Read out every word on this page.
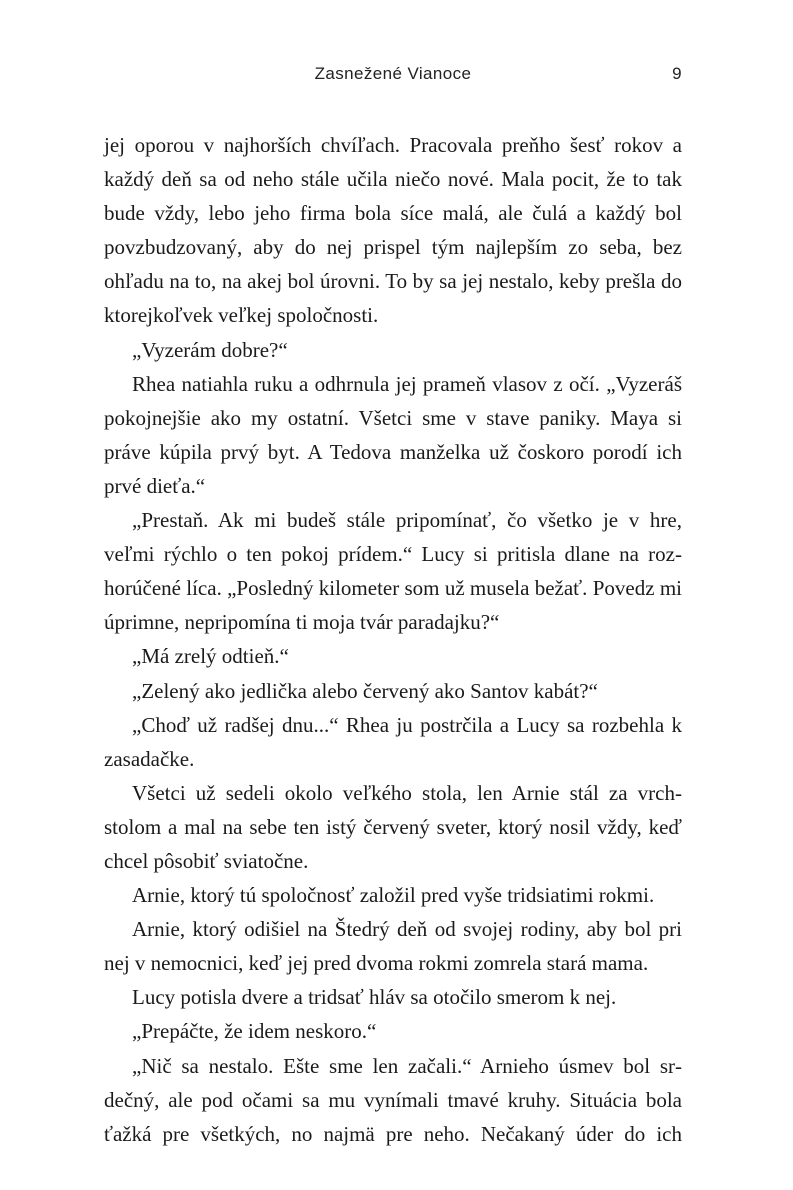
Zasnežené Vianoce	9

jej oporou v najhorších chvíľach. Pracovala preňho šesť rokov a každý deň sa od neho stále učila niečo nové. Mala pocit, že to tak bude vždy, lebo jeho firma bola síce malá, ale čulá a každý bol povzbudzovaný, aby do nej prispel tým najlepším zo seba, bez ohľadu na to, na akej bol úrovni. To by sa jej nestalo, keby prešla do ktorejkoľvek veľkej spoločnosti.

„Vyzerám dobre?“

Rhea natiahla ruku a odhrnula jej prameň vlasov z očí. „Vyzeráš pokojnejšie ako my ostatní. Všetci sme v stave paniky. Maya si práve kúpila prvý byt. A Tedova manželka už čoskoro porodí ich prvé dieťa.“

„Prestaň. Ak mi budeš stále pripomínať, čo všetko je v hre, veľmi rýchlo o ten pokoj prídem.“ Lucy si pritisla dlane na rozhorúčené líca. „Posledný kilometer som už musela bežať. Povedz mi úprimne, nepripomína ti moja tvár paradajku?“

„Má zrelý odtieň.“

„Zelený ako jedlička alebo červený ako Santov kabát?“

„Choď už radšej dnu...“ Rhea ju postrčila a Lucy sa rozbehla k zasadačke.

Všetci už sedeli okolo veľkého stola, len Arnie stál za vrchstolom a mal na sebe ten istý červený sveter, ktorý nosil vždy, keď chcel pôsobiť sviatočne.

Arnie, ktorý tú spoločnosť založil pred vyše tridsiatimi rokmi.

Arnie, ktorý odišiel na Štedrý deň od svojej rodiny, aby bol pri nej v nemocnici, keď jej pred dvoma rokmi zomrela stará mama.

Lucy potisla dvere a tridsať hláv sa otočilo smerom k nej.

„Prepáčte, že idem neskoro.“

„Nič sa nestalo. Ešte sme len začali.“ Arnieho úsmev bol srdečný, ale pod očami sa mu vynímali tmavé kruhy. Situácia bola ťažká pre všetkých, no najmä pre neho. Nečakaný úder do ich
